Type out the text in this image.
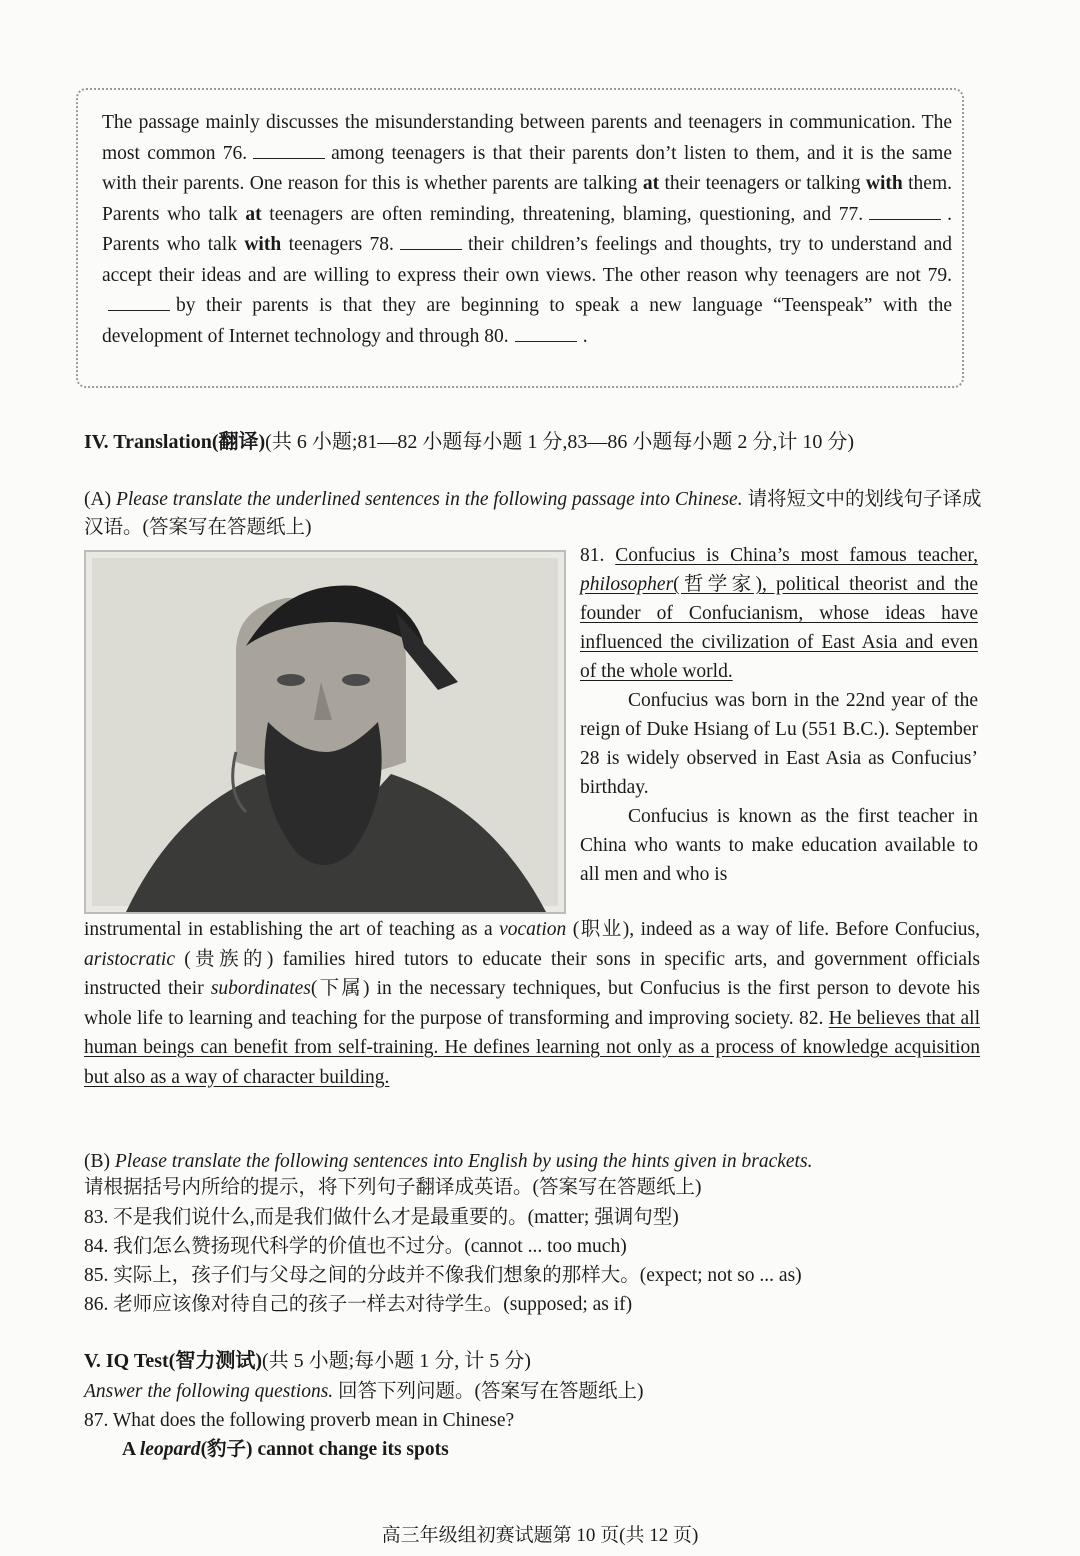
The passage mainly discusses the misunderstanding between parents and teenagers in communication. The most common 76.	among teenagers is that their parents don’t listen to them, and it is the same with their parents. One reason for this is whether parents are talking at their teenagers or talking with them. Parents who talk at teenagers are often reminding, threatening, blaming, questioning, and 77.	. Parents who talk with teenagers 78.	their children’s feelings and thoughts, try to understand and accept their ideas and are willing to express their own views. The other reason why teenagers are not 79.by their parents is that they are beginning to speak a new language “Teenspeak” with the development of Internet technology and through 80.	.

IV. Translation(翻译)(共 6 小题;81—82 小题每小题 1 分,83—86 小题每小题 2 分,计 10 分)
(A) Please translate the underlined sentences in the following passage into Chinese. 请将短文中的划线句子译成汉语。(答案写在答题纸上)

81. Confucius is China’s most famous teacher, philosopher(哲学家), political theorist and the founder of Confucianism, whose ideas have influenced the civilization of East Asia and even of the whole world.

Confucius was born in the 22nd year of the reign of Duke Hsiang of Lu (551 B.C.). September 28 is widely observed in East Asia as Confucius’ birthday.

Confucius is known as the first teacher in China who wants to make education available to all men and who is

instrumental in establishing the art of teaching as a vocation (职业), indeed as a way of life. Before Confucius, aristocratic (贵族的) families hired tutors to educate their sons in specific arts, and government officials instructed their subordinates(下属) in the necessary techniques, but Confucius is the first person to devote his whole life to learning and teaching for the purpose of transforming and improving society. 82. He believes that all human beings can benefit from self-training. He defines learning not only as a process of knowledge acquisition but also as a way of character building.

(B) Please translate the following sentences into English by using the hints given in brackets.
请根据括号内所给的提示，将下列句子翻译成英语。(答案写在答题纸上)
83. 不是我们说什么,而是我们做什么才是最重要的。(matter; 强调句型)
84. 我们怎么赞扬现代科学的价值也不过分。(cannot ... too much)
85. 实际上，孩子们与父母之间的分歧并不像我们想象的那样大。(expect; not so ... as)
86. 老师应该像对待自己的孩子一样去对待学生。(supposed; as if)
V. IQ Test(智力测试)(共 5 小题;每小题 1 分, 计 5 分)
Answer the following questions. 回答下列问题。(答案写在答题纸上)
87. What does the following proverb mean in Chinese?
A leopard(豹子) cannot change its spots
高三年级组初赛试题第 10 页(共 12 页)
